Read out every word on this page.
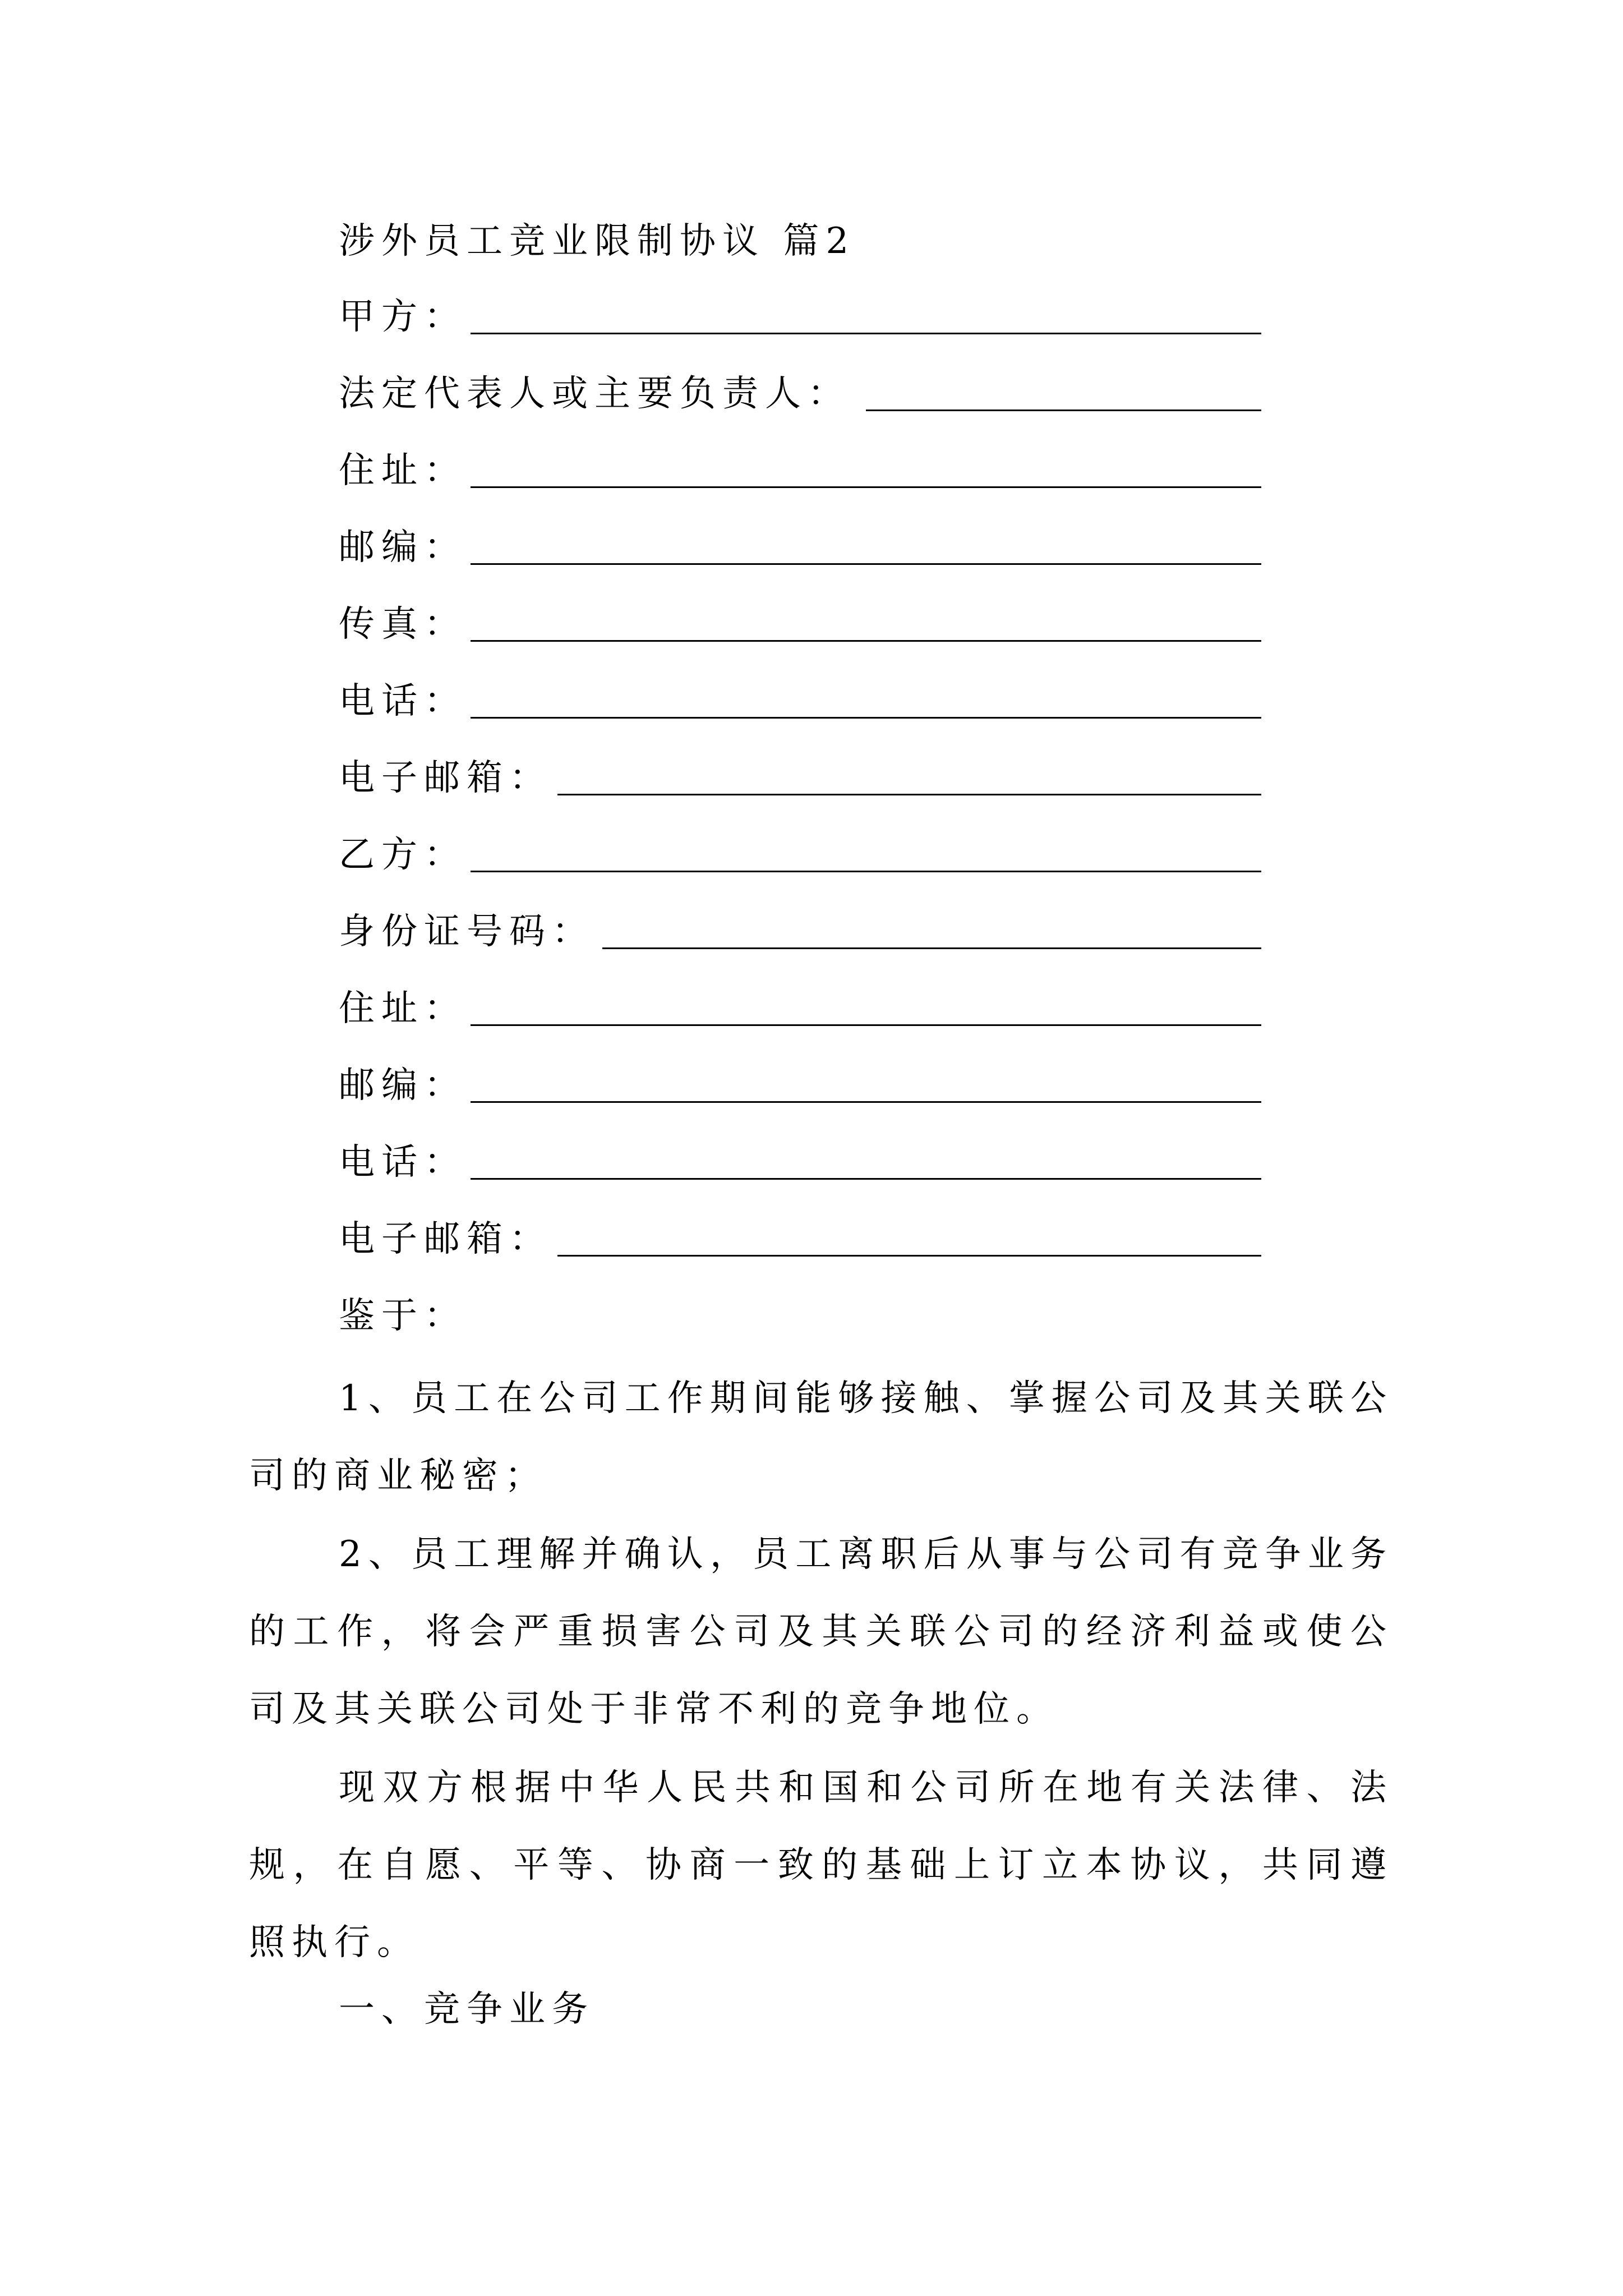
涉外员工竞业限制协议 篇2
甲方：
法定代表人或主要负责人：
住址：
邮编：
传真：
电话：
电子邮箱：
乙方：
身份证号码：
住址：
邮编：
电话：
电子邮箱：
鉴于：
1、员工在公司工作期间能够接触、掌握公司及其关联公司的商业秘密；
2、员工理解并确认，员工离职后从事与公司有竞争业务的工作，将会严重损害公司及其关联公司的经济利益或使公司及其关联公司处于非常不利的竞争地位。
现双方根据中华人民共和国和公司所在地有关法律、法规，在自愿、平等、协商一致的基础上订立本协议，共同遵照执行。
一、竞争业务
